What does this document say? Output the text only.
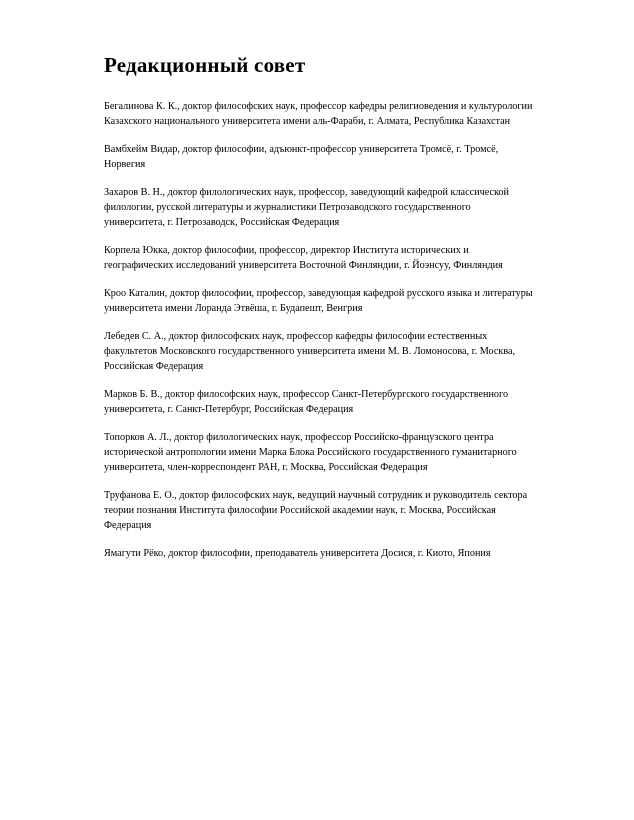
Редакционный совет

Бегалинова К. К., доктор философских наук, профессор кафедры религиоведения и культурологии Казахского национального университета имени аль-Фараби, г. Алмата, Республика Казахстан

Вамбхейм Видар, доктор философии, адъюнкт-профессор университета Тромсё, г. Тромсё, Норвегия

Захаров В. Н., доктор филологических наук, профессор, заведующий кафедрой классической филологии, русской литературы и журналистики Петрозаводского государственного университета, г. Петрозаводск, Российская Федерация

Корпела Юкка, доктор философии, профессор, директор Института исторических и географических исследований университета Восточной Финляндии, г. Йоэнсуу, Финляндия

Кроо Каталин, доктор философии, профессор, заведующая кафедрой русского языка и литературы университета имени Лоранда Этвёша, г. Будапешт, Венгрия

Лебедев С. А., доктор философских наук, профессор кафедры философии естественных факультетов Московского государственного университета имени М. В. Ломоносова, г. Москва, Российская Федерация

Марков Б. В., доктор философских наук, профессор Санкт-Петербургского государственного университета, г. Санкт-Петербург, Российская Федерация

Топорков А. Л., доктор филологических наук, профессор Российско-французского центра исторической антропологии имени Марка Блока Российского государственного гуманитарного университета, член-корреспондент РАН, г. Москва, Российская Федерация

Труфанова Е. О., доктор философских наук, ведущий научный сотрудник и руководитель сектора теории познания Института философии Российской академии наук, г. Москва, Российская Федерация

Ямагути Рёко, доктор философии, преподаватель университета Досися, г. Киото, Япония
